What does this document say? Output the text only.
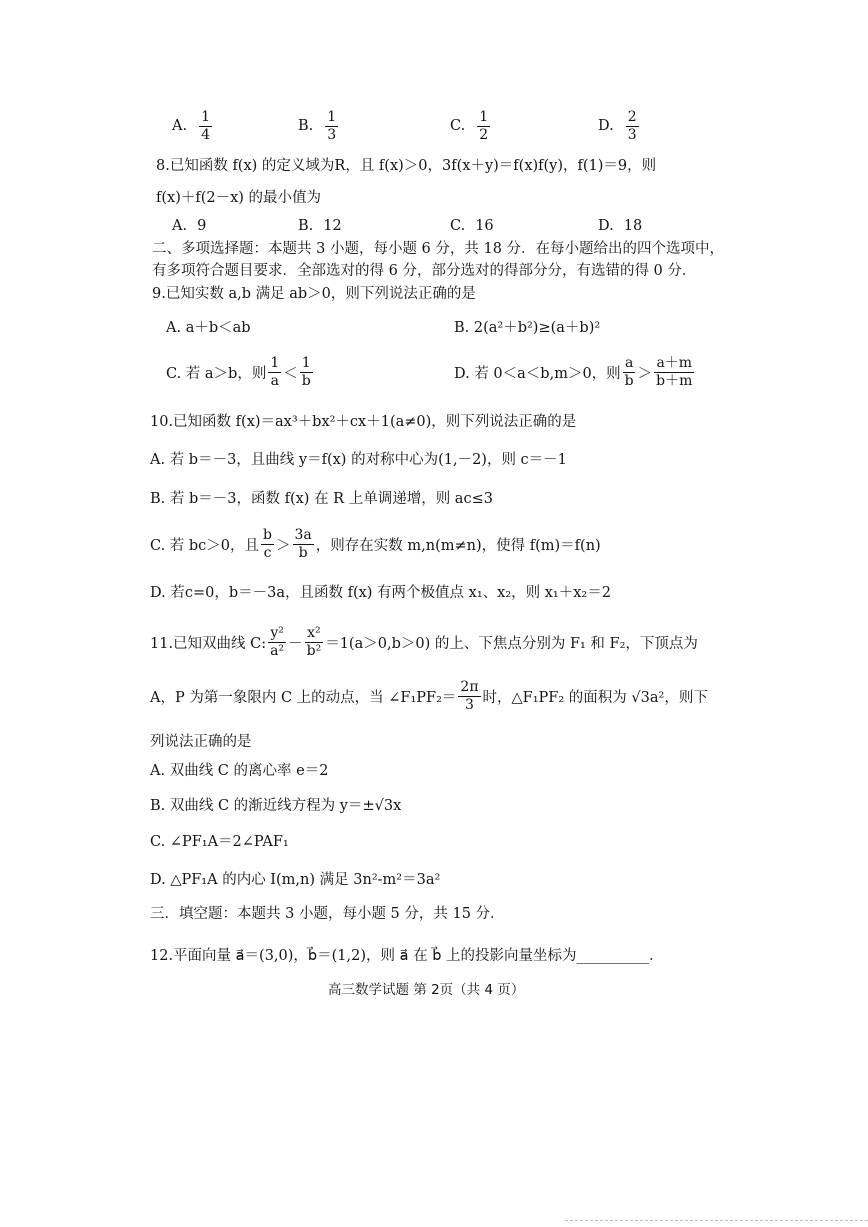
A. $\frac{1}{4}$	B. $\frac{1}{3}$	C. $\frac{1}{2}$	D. $\frac{2}{3}$
8.已知函数 f(x) 的定义域为R，且 f(x)＞0，3f(x＋y)＝f(x)f(y)，f(1)＝9，则
f(x)＋f(2－x) 的最小值为
A. 9	B. 12	C. 16	D. 18
二、多项选择题：本题共 3 小题，每小题 6 分，共 18 分．在每小题给出的四个选项中，
有多项符合题目要求．全部选对的得 6 分，部分选对的得部分分，有选错的得 0 分．
9.已知实数 a,b 满足 ab＞0，则下列说法正确的是
A. a＋b＜ab	B. 2(a²＋b²)≥(a＋b)²
C. 若 a＞b，则 $\frac{1}{a} < \frac{1}{b}$	D. 若 0＜a＜b,m＞0，则 $\frac{a}{b} > \frac{a+m}{b+m}$
10.已知函数 f(x)＝ax³＋bx²＋cx＋1(a≠0)，则下列说法正确的是
A. 若 b＝－3，且曲线 y＝f(x) 的对称中心为(1,－2)，则 c＝－1
B. 若 b＝－3，函数 f(x) 在 R 上单调递增，则 ac≤3
C. 若 bc＞0，且 $\frac{b}{c} > \frac{3a}{b}$ ，则存在实数 m,n(m≠n)，使得 f(m)＝f(n)
D. 若c=0，b＝－3a，且函数 f(x) 有两个极值点 x₁、x₂，则 x₁＋x₂＝2
11.已知双曲线 C: $\frac{\text{y²}}{\text{a²}} - \frac{\text{x²}}{\text{b²}} =1(a>0,b>0)$ 的上、下焦点分别为 F₁ 和 F₂，下顶点为
A，P 为第一象限内 C 上的动点，当 ∠F₁PF₂＝ $\frac{2\pi}{3}$ 时，△F₁PF₂ 的面积为 √3a²，则下
列说法正确的是
A. 双曲线 C 的离心率 e＝2
B. 双曲线 C 的渐近线方程为 y＝±√3x
C. ∠PF₁A＝2∠PAF₁
D. △PF₁A 的内心 I(m,n) 满足 3n²-m²＝3a²
三．填空题：本题共 3 小题，每小题 5 分，共 15 分．
12.平面向量 a⃗＝(3,0)，b⃗＝(1,2)，则 a⃗ 在 b⃗ 上的投影向量坐标为__________．
高三数学试题 第 2页（共 4 页）
